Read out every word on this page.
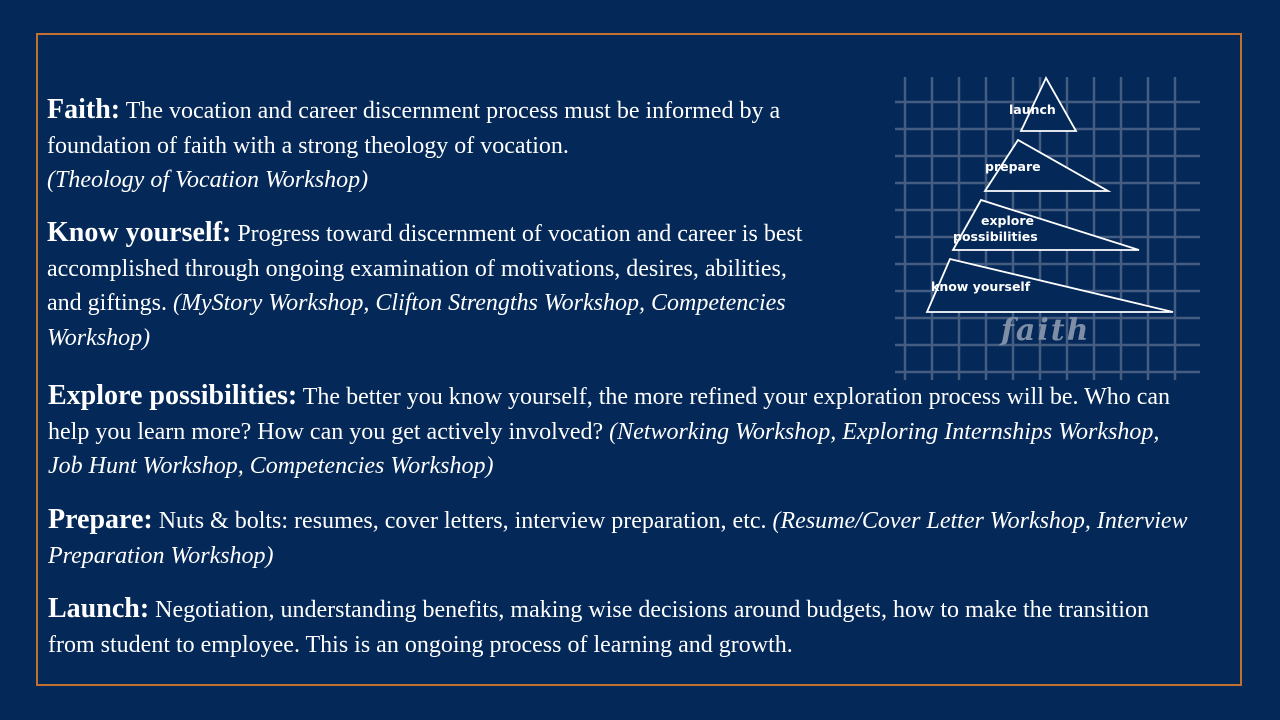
Faith: The vocation and career discernment process must be informed by a foundation of faith with a strong theology of vocation.
(Theology of Vocation Workshop)

Know yourself: Progress toward discernment of vocation and career is best accomplished through ongoing examination of motivations, desires, abilities, and giftings. (MyStory Workshop, Clifton Strengths Workshop, Competencies Workshop)

Explore possibilities: The better you know yourself, the more refined your exploration process will be. Who can help you learn more? How can you get actively involved? (Networking Workshop, Exploring Internships Workshop, Job Hunt Workshop, Competencies Workshop)

Prepare: Nuts & bolts: resumes, cover letters, interview preparation, etc. (Resume/Cover Letter Workshop, Interview Preparation Workshop)

Launch: Negotiation, understanding benefits, making wise decisions around budgets, how to make the transition from student to employee. This is an ongoing process of learning and growth.

launch
prepare
explore
possibilities
know yourself
faith
